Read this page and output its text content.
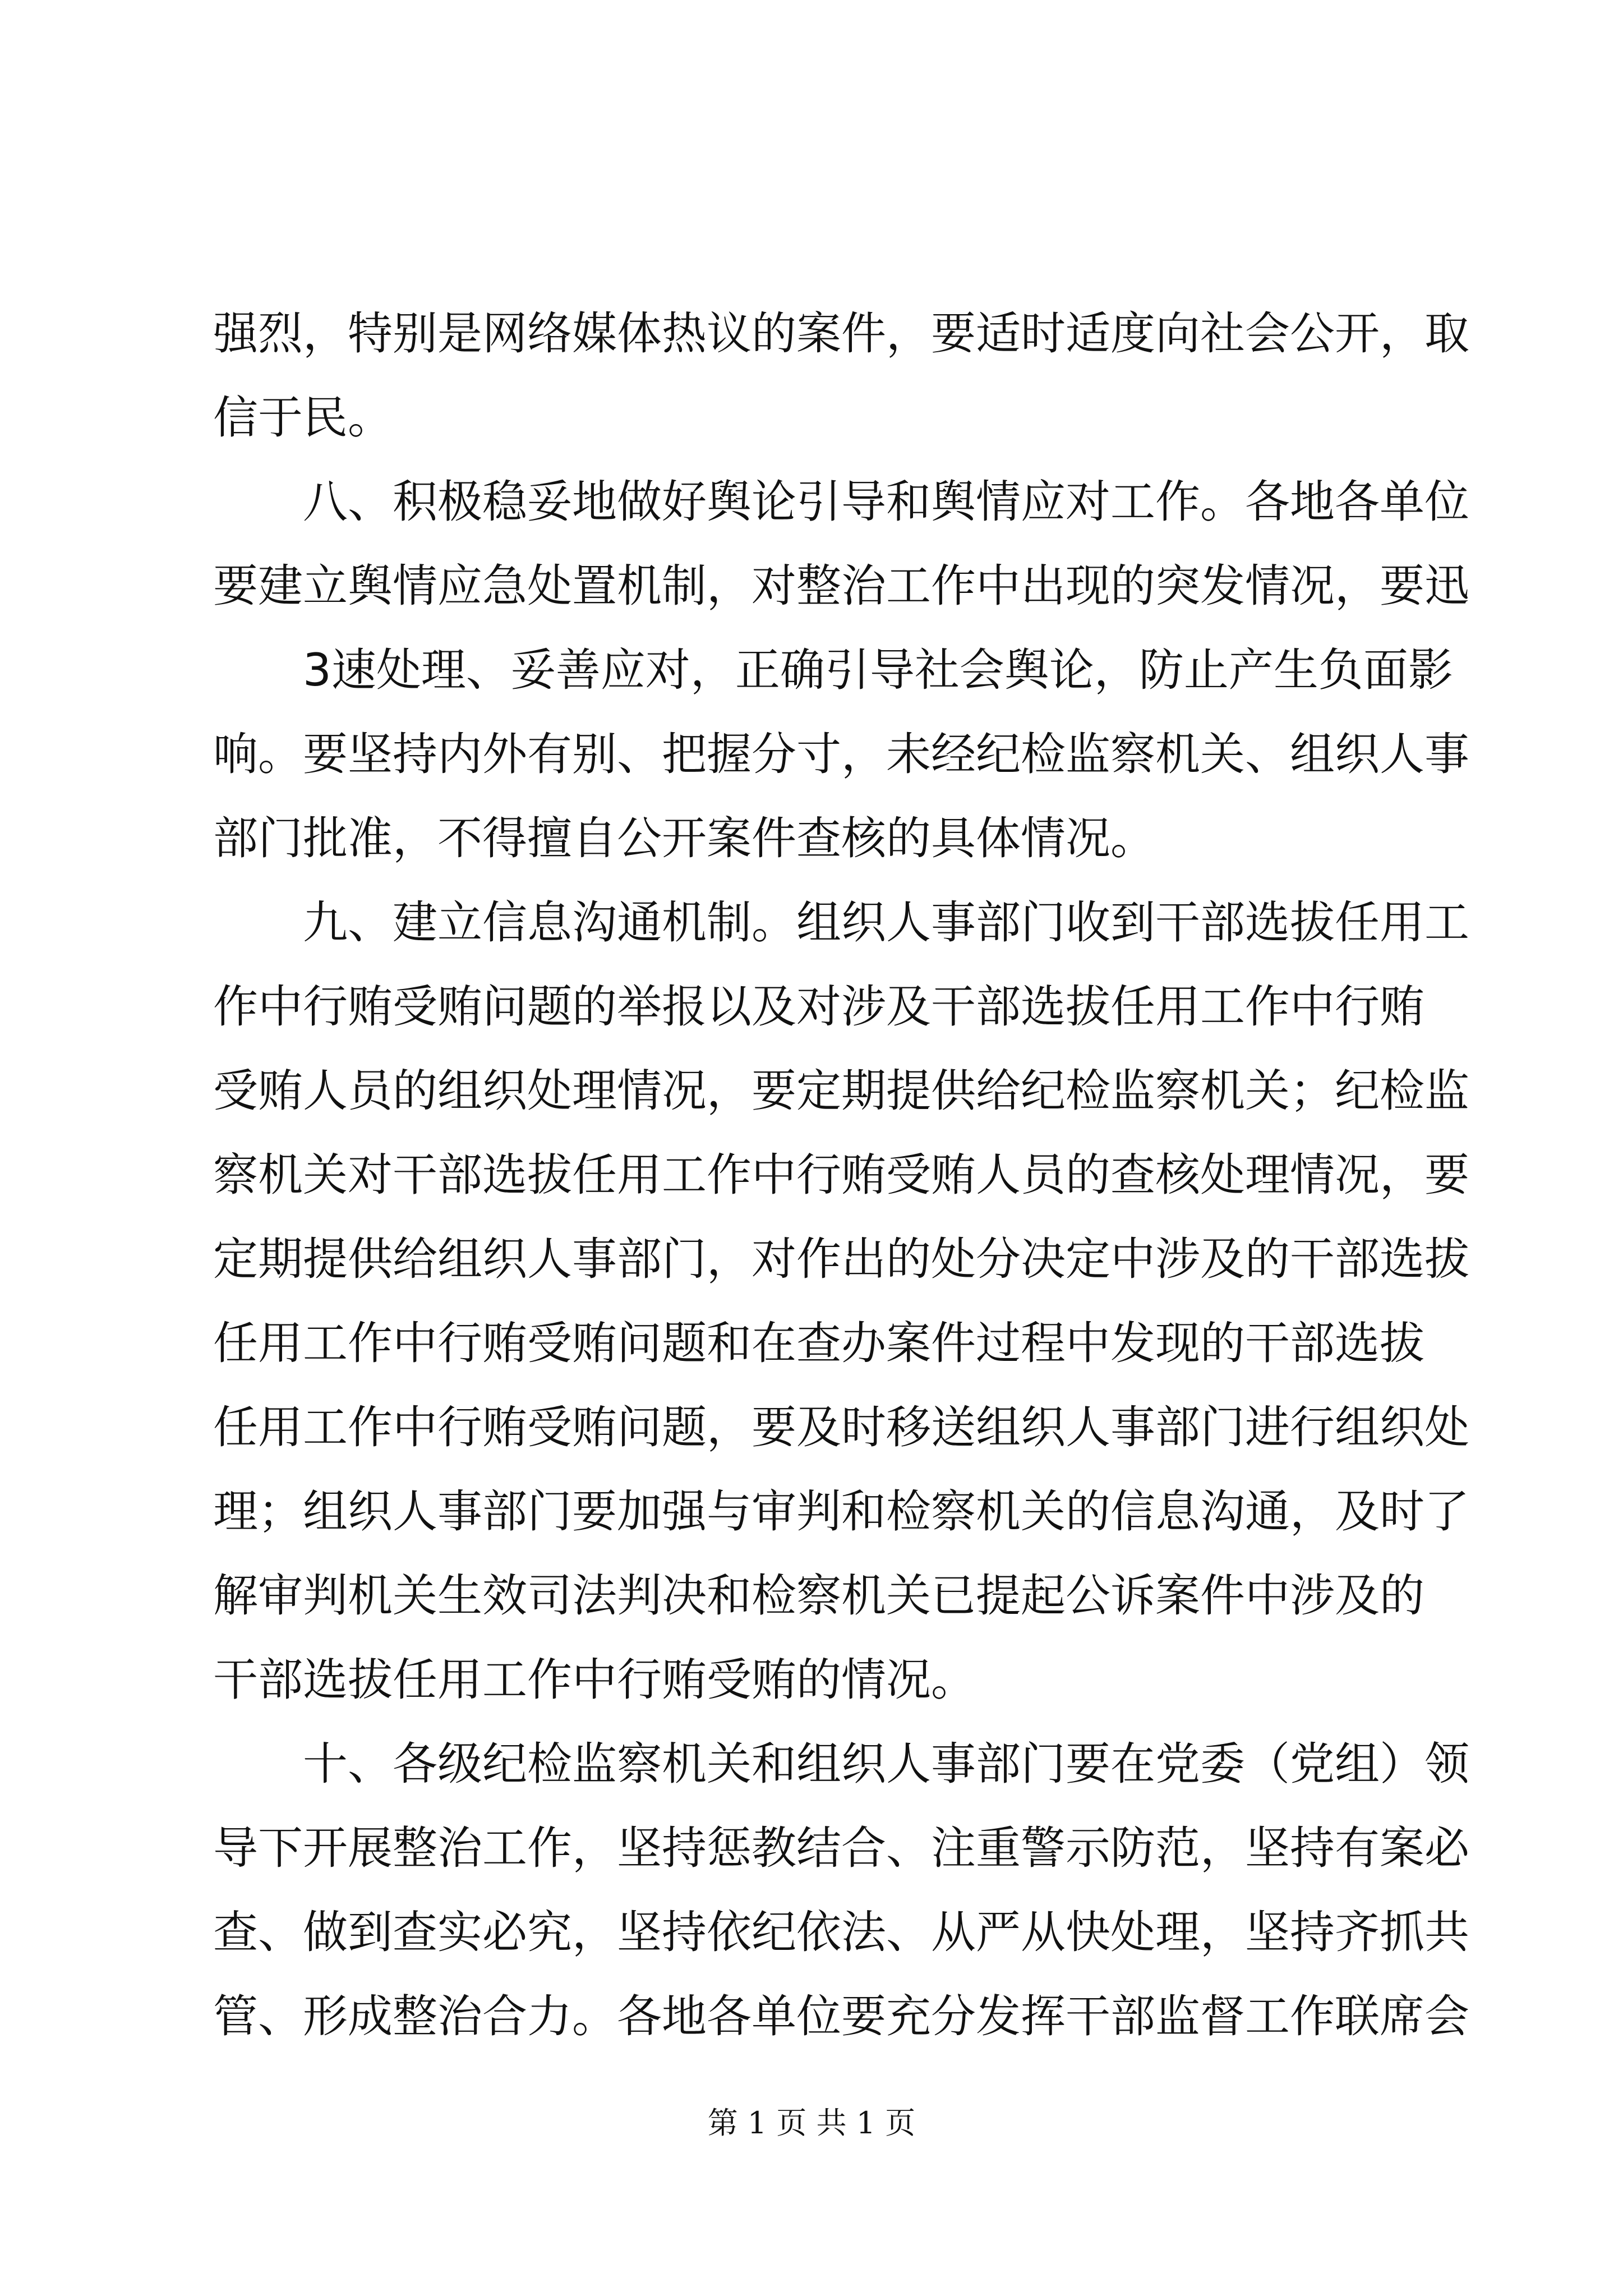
强烈，特别是网络媒体热议的案件，要适时适度向社会公开，取
信于民。
八、积极稳妥地做好舆论引导和舆情应对工作。各地各单位
要建立舆情应急处置机制，对整治工作中出现的突发情况，要迅
3速处理、妥善应对，正确引导社会舆论，防止产生负面影
响。要坚持内外有别、把握分寸，未经纪检监察机关、组织人事
部门批准，不得擅自公开案件查核的具体情况。
九、建立信息沟通机制。组织人事部门收到干部选拔任用工
作中行贿受贿问题的举报以及对涉及干部选拔任用工作中行贿
受贿人员的组织处理情况，要定期提供给纪检监察机关；纪检监
察机关对干部选拔任用工作中行贿受贿人员的查核处理情况，要
定期提供给组织人事部门，对作出的处分决定中涉及的干部选拔
任用工作中行贿受贿问题和在查办案件过程中发现的干部选拔
任用工作中行贿受贿问题，要及时移送组织人事部门进行组织处
理；组织人事部门要加强与审判和检察机关的信息沟通，及时了
解审判机关生效司法判决和检察机关已提起公诉案件中涉及的
干部选拔任用工作中行贿受贿的情况。
十、各级纪检监察机关和组织人事部门要在党委（党组）领
导下开展整治工作，坚持惩教结合、注重警示防范，坚持有案必
查、做到查实必究，坚持依纪依法、从严从快处理，坚持齐抓共
管、形成整治合力。各地各单位要充分发挥干部监督工作联席会
第 1 页 共 1 页
